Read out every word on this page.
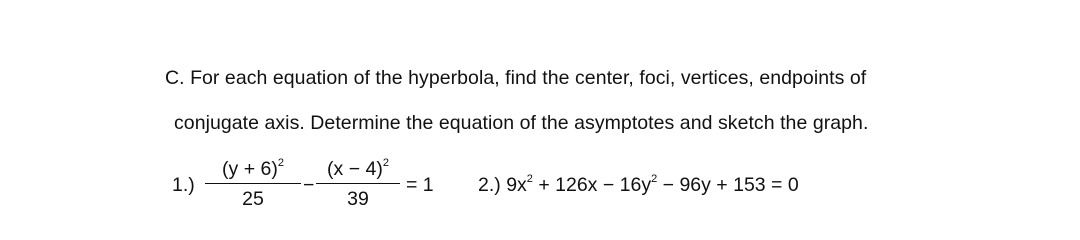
C. For each equation of the hyperbola, find the center, foci, vertices, endpoints of
conjugate axis. Determine the equation of the asymptotes and sketch the graph.
1.)
$(y + 6)^2$
25
−
$(x - 4)^2$
39
= 1 2.) $9x^2 + 126x - 16y^2 - 96y + 153 = 0$
